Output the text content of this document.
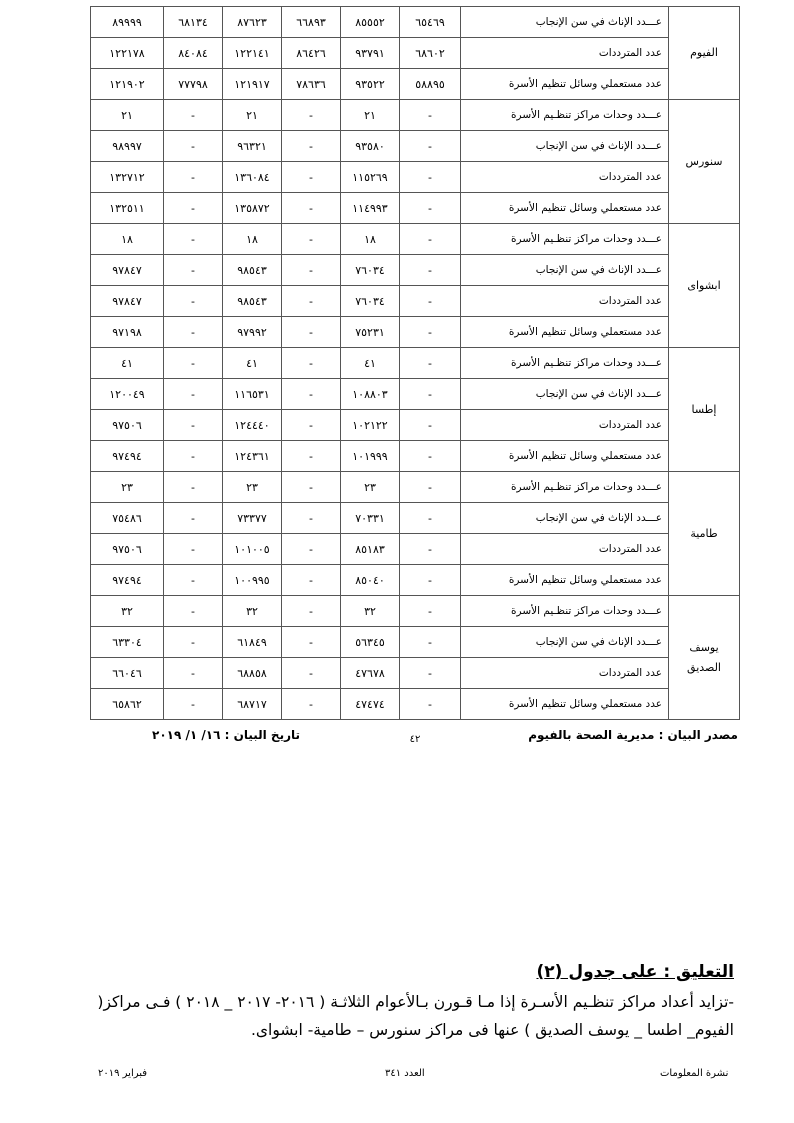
٨٩٩٩٩	٦٨١٣٤	٨٧٦٢٣	٦٦٨٩٣	٨٥٥٥٢	٦٥٤٦٩	عـــدد الإناث في سن الإنجاب	الفيوم
١٢٢١٧٨	٨٤٠٨٤	١٢٢١٤١	٨٦٤٢٦	٩٣٧٩١	٦٨٦٠٢	عدد المترددات	
١٢١٩٠٢	٧٧٧٩٨	١٢١٩١٧	٧٨٦٣٦	٩٣٥٢٢	٥٨٨٩٥	عدد مستعملي وسائل تنظيم الأسرة	
٢١	-	٢١	-	٢١	-	عـــدد وحدات مراكز تنظـيم الأسرة	سنورس
٩٨٩٩٧	-	٩٦٣٢١	-	٩٣٥٨٠	-	عـــدد الإناث في سن الإنجاب	
١٣٢٧١٢	-	١٣٦٠٨٤	-	١١٥٢٦٩	-	عدد المترددات	
١٣٢٥١١	-	١٣٥٨٧٢	-	١١٤٩٩٣	-	عدد مستعملي وسائل تنظيم الأسرة	
١٨	-	١٨	-	١٨	-	عـــدد وحدات مراكز تنظـيم الأسرة	ابشواى
٩٧٨٤٧	-	٩٨٥٤٣	-	٧٦٠٣٤	-	عـــدد الإناث في سن الإنجاب	
٩٧٨٤٧	-	٩٨٥٤٣	-	٧٦٠٣٤	-	عدد المترددات	
٩٧١٩٨	-	٩٧٩٩٢	-	٧٥٢٣١	-	عدد مستعملي وسائل تنظيم الأسرة	
٤١	-	٤١	-	٤١	-	عـــدد وحدات مراكز تنظـيم الأسرة	إطسا
١٢٠٠٤٩	-	١١٦٥٣١	-	١٠٨٨٠٣	-	عـــدد الإناث في سن الإنجاب	
٩٧٥٠٦	-	١٢٤٤٤٠	-	١٠٢١٢٢	-	عدد المترددات	
٩٧٤٩٤	-	١٢٤٣٦١	-	١٠١٩٩٩	-	عدد مستعملي وسائل تنظيم الأسرة	
٢٣	-	٢٣	-	٢٣	-	عـــدد وحدات مراكز تنظـيم الأسرة	طامية
٧٥٤٨٦	-	٧٣٣٧٧	-	٧٠٣٣١	-	عـــدد الإناث في سن الإنجاب	
٩٧٥٠٦	-	١٠١٠٠٥	-	٨٥١٨٣	-	عدد المترددات	
٩٧٤٩٤	-	١٠٠٩٩٥	-	٨٥٠٤٠	-	عدد مستعملي وسائل تنظيم الأسرة	
٣٢	-	٣٢	-	٣٢	-	عـــدد وحدات مراكز تنظـيم الأسرة	يوسف الصديق
٦٣٣٠٤	-	٦١٨٤٩	-	٥٦٣٤٥	-	عـــدد الإناث في سن الإنجاب	
٦٦٠٤٦	-	٦٨٨٥٨	-	٤٧٦٧٨	-	عدد المترددات	
٦٥٨٦٢	-	٦٨٧١٧	-	٤٧٤٧٤	-	عدد مستعملي وسائل تنظيم الأسرة	
مصدر البيان : مديرية الصحة بالفيوم
تاريخ البيان : ١٦/ ١/ ٢٠١٩	٤٢
التعليق : على جدول (٢)
-تزايد أعداد مراكز تنظـيم الأسـرة إذا مـا قـورن بـالأعوام الثلاثـة ( ٢٠١٦- ٢٠١٧ _ ٢٠١٨ ) فـى مراكز( الفيوم_ اطسا _ يوسف الصديق ) عنها فى مراكز سنورس – طامية- ابشواى.
نشرة المعلومات
العدد ٣٤١
فبراير ٢٠١٩
